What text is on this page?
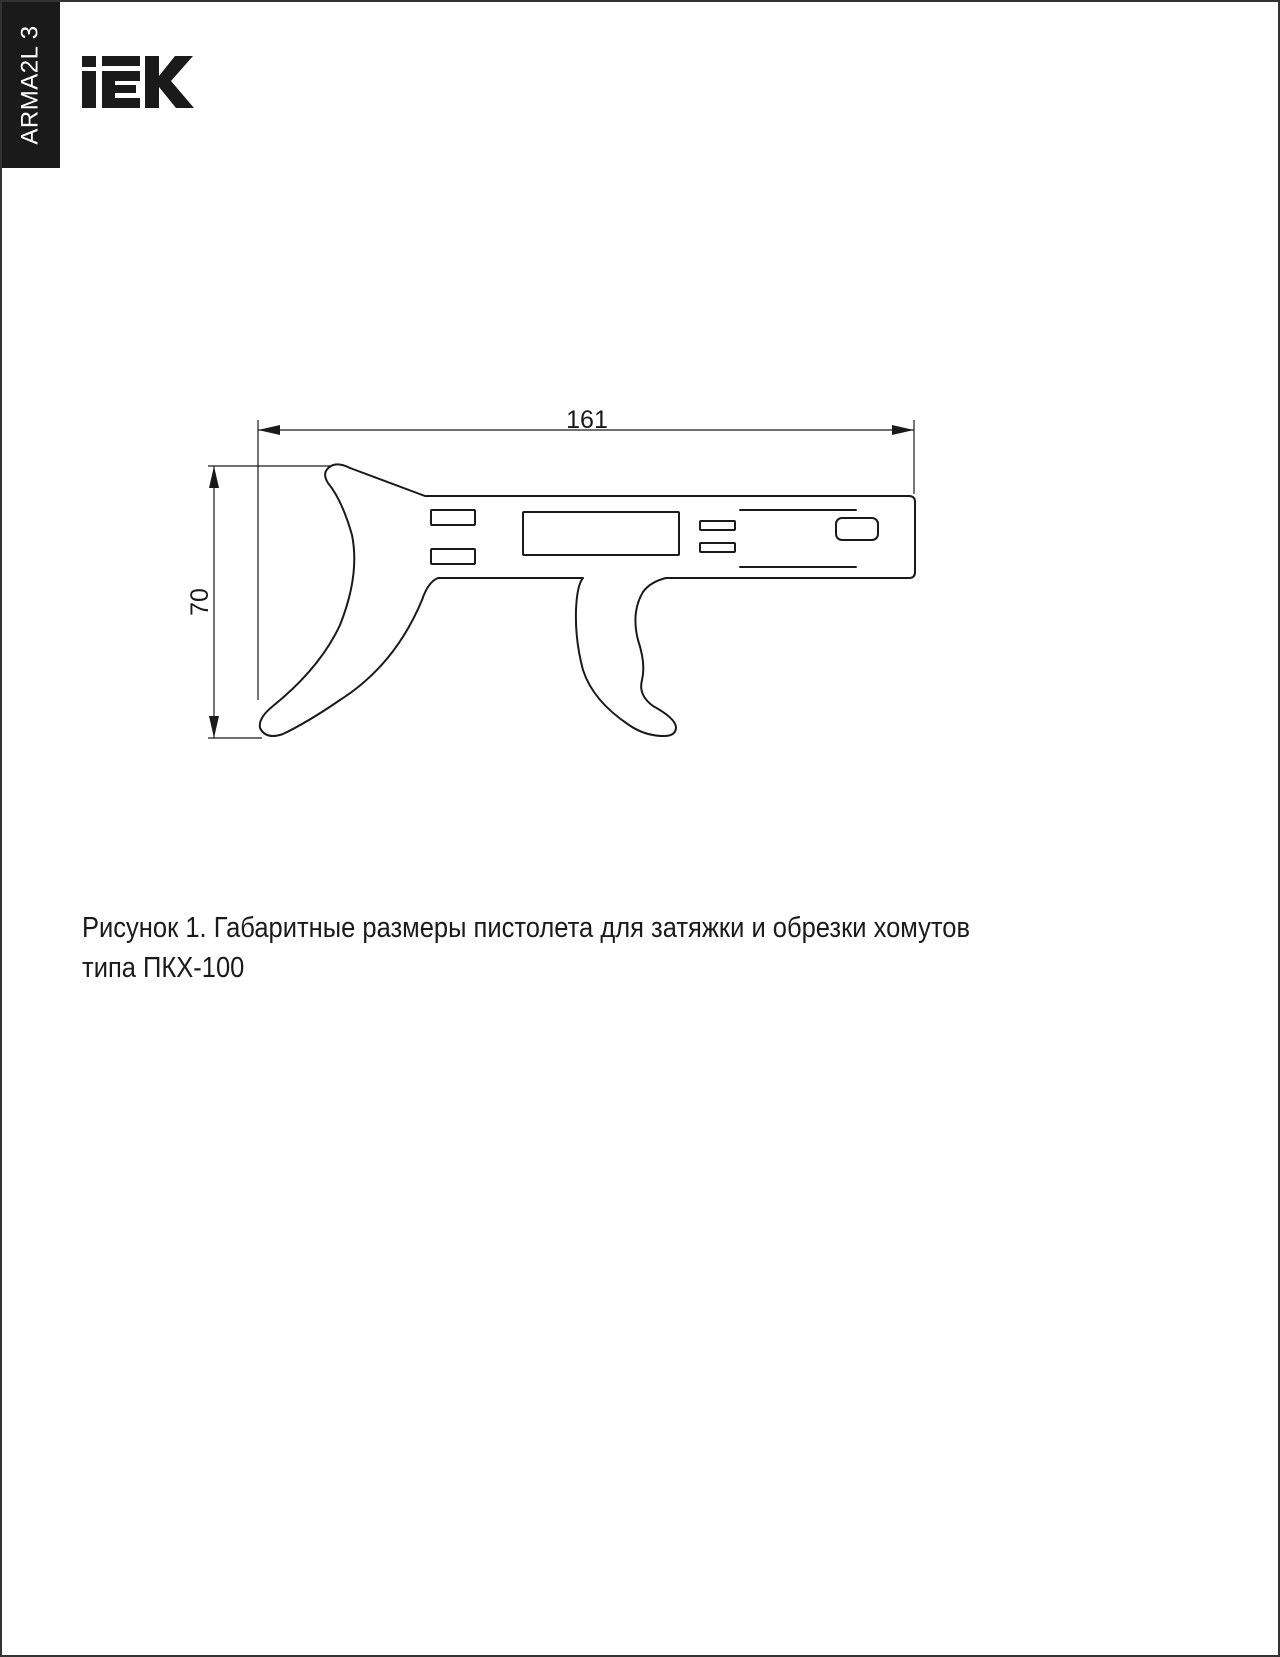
ARMA2L 3
161
70
Рисунок 1. Габаритные размеры пистолета для затяжки и обрезки хомутов
типа ПКХ-100
